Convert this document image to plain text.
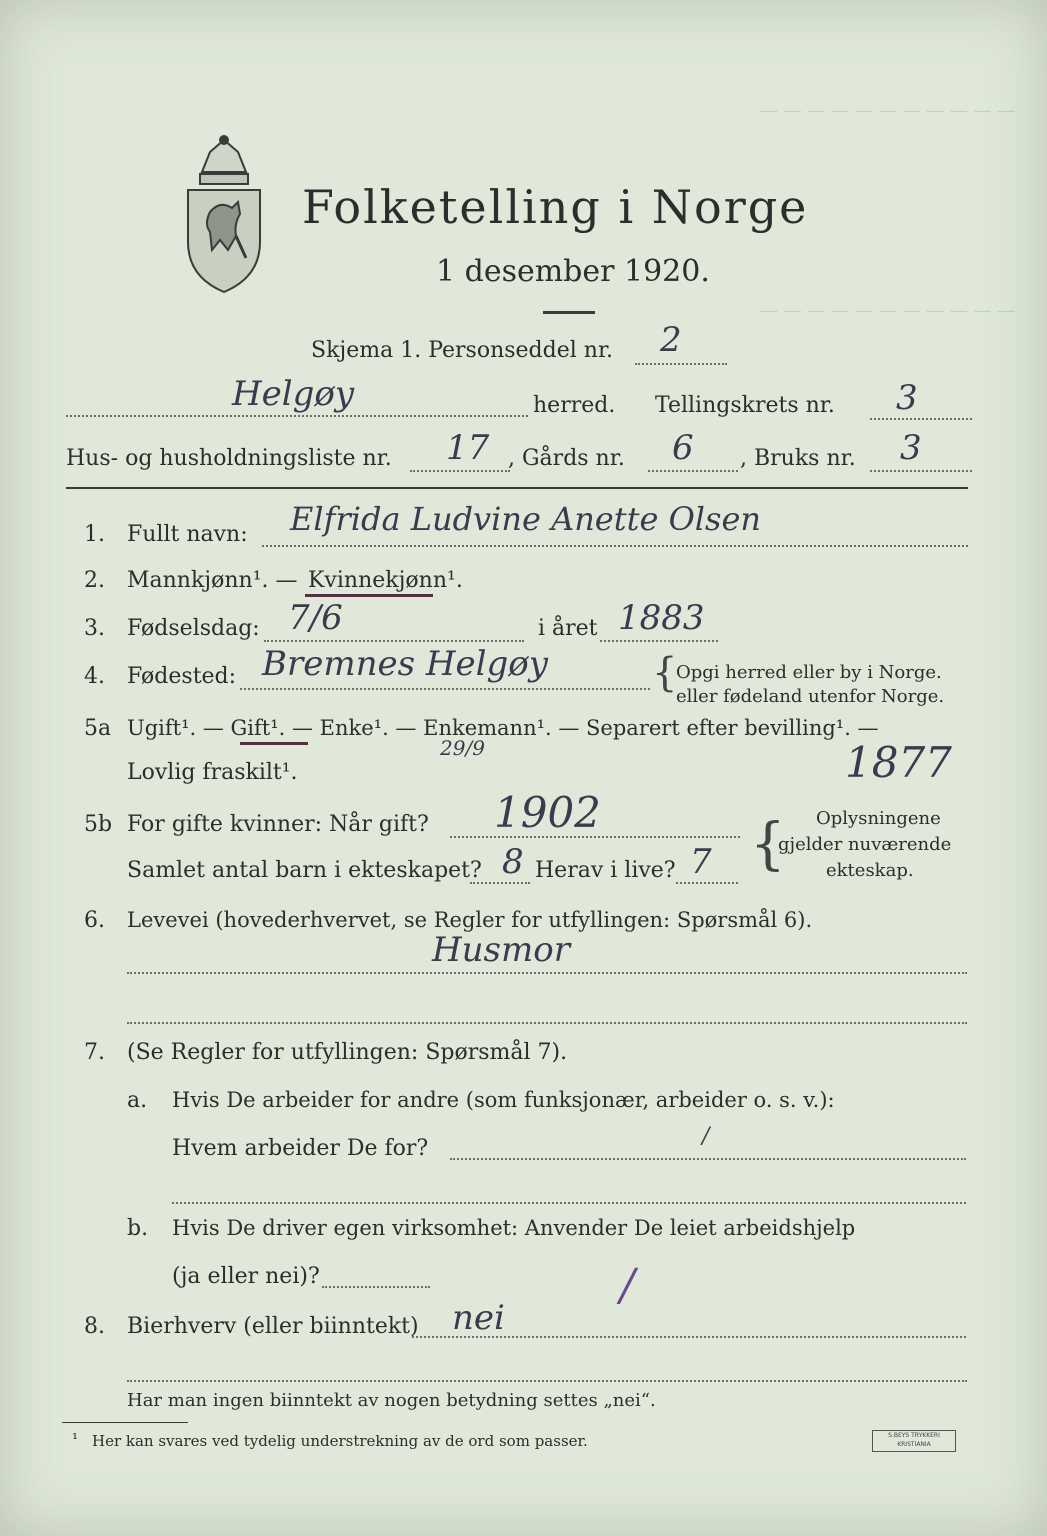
— — — — — — — — — — —
— — — — — — — — — — —
Folketelling i Norge
1 desember 1920.
Skjema 1. Personseddel nr. 2
Helgøy	herred. Tellingskrets nr. 3
Hus- og husholdningsliste nr. 17 , Gårds nr. 6 , Bruks nr. 3
1. Fullt navn: Elfrida Ludvine Anette Olsen
2. Mannkjønn¹. — Kvinnekjønn¹.
3. Fødselsdag: 7/6	i året 1883
4. Fødested: Bremnes Helgøy	{
Opgi herred eller by i Norge.
eller fødeland utenfor Norge.
5a Ugift¹. — Gift¹. — Enke¹. — Enkemann¹. — Separert efter bevilling¹. —
Lovlig fraskilt¹.
29/9	1877
5b For gifte kvinner: Når gift? 1902
Samlet antal barn i ekteskapet? 8 Herav i live? 7 { Oplysningene
gjelder nuværende
ekteskap.
6. Levevei (hovederhvervet, se Regler for utfyllingen: Spørsmål 6).
Husmor
7. (Se Regler for utfyllingen: Spørsmål 7).
a. Hvis De arbeider for andre (som funksjonær, arbeider o. s. v.):
Hvem arbeider De for?	/
b. Hvis De driver egen virksomhet: Anvender De leiet arbeidshjelp
(ja eller nei)?	/
8. Bierhverv (eller biinntekt) nei
Har man ingen biinntekt av nogen betydning settes „nei“.
¹ Her kan svares ved tydelig understrekning av de ord som passer.	S.BEYS TRYKKERI KRISTIANIA
